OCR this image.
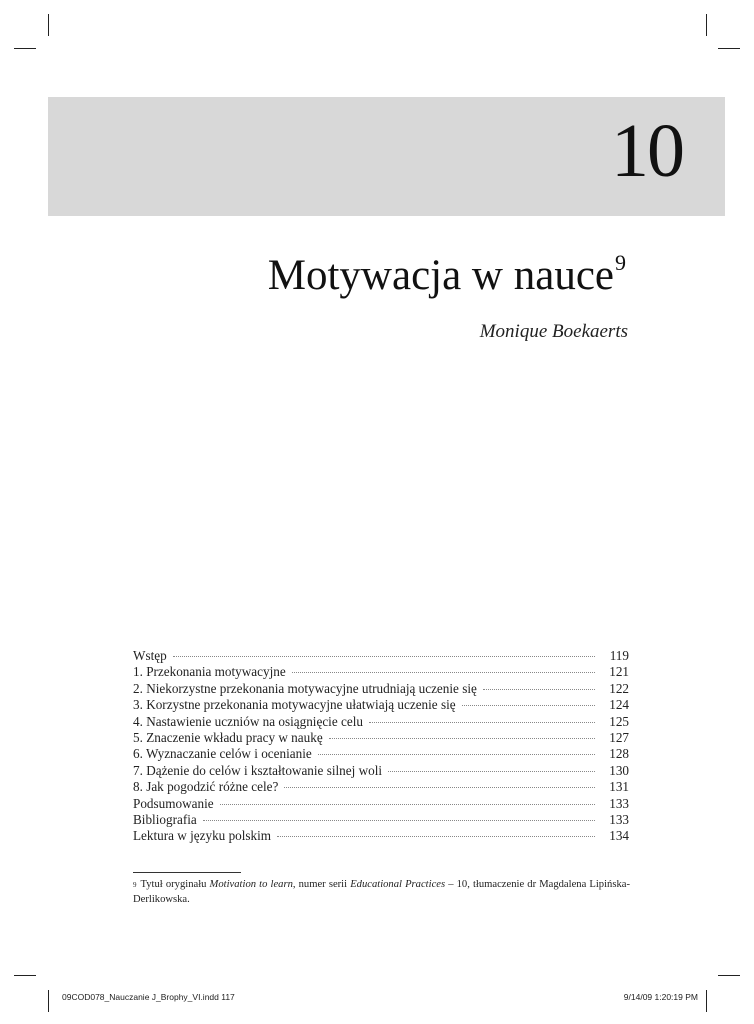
10
Motywacja w nauce$^9$
Monique Boekaerts
Wstęp	119
1. Przekonania motywacyjne	121
2. Niekorzystne przekonania motywacyjne utrudniają uczenie się	122
3. Korzystne przekonania motywacyjne ułatwiają uczenie się	124
4. Nastawienie uczniów na osiągnięcie celu	125
5. Znaczenie wkładu pracy w naukę	127
6. Wyznaczanie celów i ocenianie	128
7. Dążenie do celów i kształtowanie silnej woli	130
8. Jak pogodzić różne cele?	131
Podsumowanie	133
Bibliografia	133
Lektura w języku polskim	134
$^9$ Tytuł oryginału Motivation to learn, numer serii Educational Practices – 10, tłumaczenie dr Magdalena Lipińska-Derlikowska.
09COD078_Nauczanie J_Brophy_VI.indd 117	9/14/09 1:20:19 PM
